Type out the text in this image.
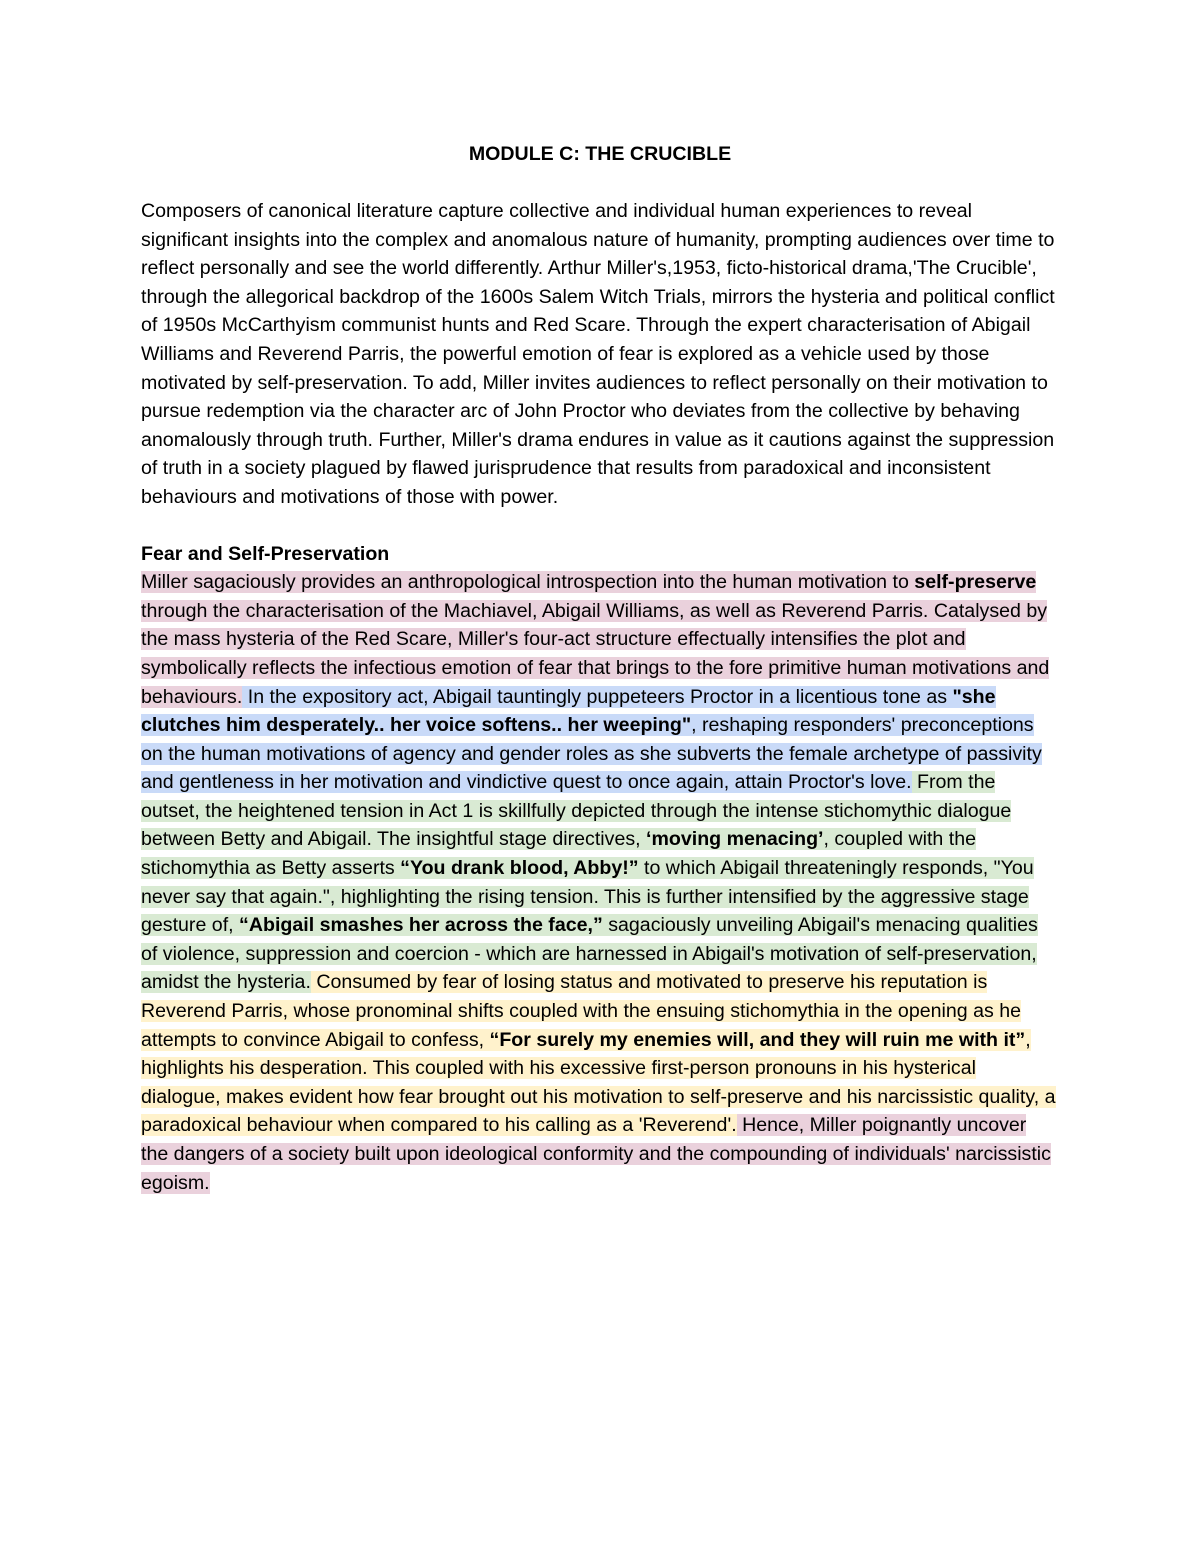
MODULE C: THE CRUCIBLE

Composers of canonical literature capture collective and individual human experiences to reveal significant insights into the complex and anomalous nature of humanity, prompting audiences over time to reflect personally and see the world differently. Arthur Miller's,1953, ficto-historical drama,'The Crucible', through the allegorical backdrop of the 1600s Salem Witch Trials, mirrors the hysteria and political conflict of 1950s McCarthyism communist hunts and Red Scare. Through the expert characterisation of Abigail Williams and Reverend Parris, the powerful emotion of fear is explored as a vehicle used by those motivated by self-preservation. To add, Miller invites audiences to reflect personally on their motivation to pursue redemption via the character arc of John Proctor who deviates from the collective by behaving anomalously through truth. Further, Miller's drama endures in value as it cautions against the suppression of truth in a society plagued by flawed jurisprudence that results from paradoxical and inconsistent behaviours and motivations of those with power.

Fear and Self-Preservation

Miller sagaciously provides an anthropological introspection into the human motivation to self-preserve through the characterisation of the Machiavel, Abigail Williams, as well as Reverend Parris. Catalysed by the mass hysteria of the Red Scare, Miller's four-act structure effectually intensifies the plot and symbolically reflects the infectious emotion of fear that brings to the fore primitive human motivations and behaviours. In the expository act, Abigail tauntingly puppeteers Proctor in a licentious tone as "she clutches him desperately.. her voice softens.. her weeping", reshaping responders' preconceptions on the human motivations of agency and gender roles as she subverts the female archetype of passivity and gentleness in her motivation and vindictive quest to once again, attain Proctor's love. From the outset, the heightened tension in Act 1 is skillfully depicted through the intense stichomythic dialogue between Betty and Abigail. The insightful stage directives, ‘moving menacing’, coupled with the stichomythia as Betty asserts “You drank blood, Abby!” to which Abigail threateningly responds, "You never say that again.", highlighting the rising tension. This is further intensified by the aggressive stage gesture of, “Abigail smashes her across the face,” sagaciously unveiling Abigail's menacing qualities of violence, suppression and coercion - which are harnessed in Abigail's motivation of self-preservation, amidst the hysteria. Consumed by fear of losing status and motivated to preserve his reputation is Reverend Parris, whose pronominal shifts coupled with the ensuing stichomythia in the opening as he attempts to convince Abigail to confess, “For surely my enemies will, and they will ruin me with it”, highlights his desperation. This coupled with his excessive first-person pronouns in his hysterical dialogue, makes evident how fear brought out his motivation to self-preserve and his narcissistic quality, a paradoxical behaviour when compared to his calling as a 'Reverend'. Hence, Miller poignantly uncover the dangers of a society built upon ideological conformity and the compounding of individuals' narcissistic egoism.
